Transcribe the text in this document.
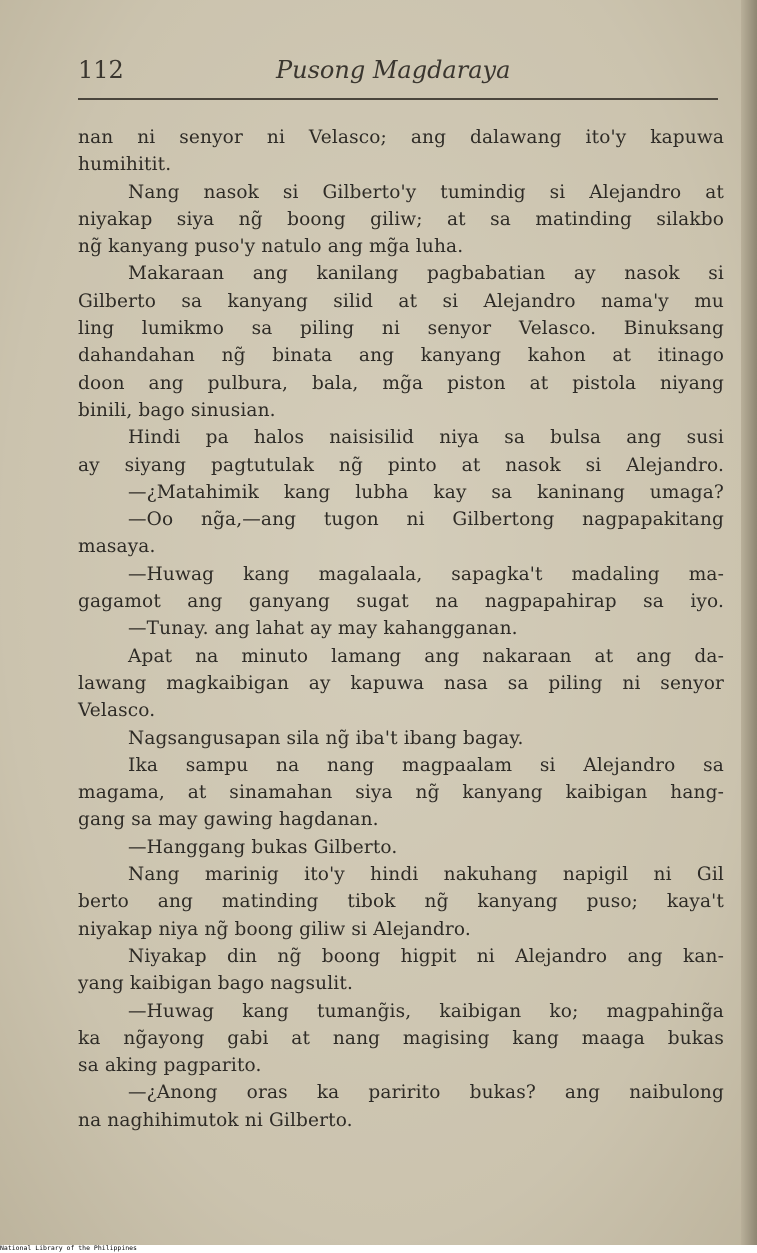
112	Pusong Magdaraya
nan ni senyor ni Velasco; ang dalawang ito'y kapuwa
humihitit.
Nang nasok si Gilberto'y tumindig si Alejandro at
niyakap siya ng̃ boong giliw; at sa matinding silakbo
ng̃ kanyang puso'y natulo ang mg̃a luha.
Makaraan ang kanilang pagbabatian ay nasok si
Gilberto sa kanyang silid at si Alejandro nama'y mu
ling lumikmo sa piling ni senyor Velasco. Binuksang
dahandahan ng̃ binata ang kanyang kahon at itinago
doon ang pulbura, bala, mg̃a piston at pistola niyang
binili, bago sinusian.
Hindi pa halos naisisilid niya sa bulsa ang susi
ay siyang pagtutulak ng̃ pinto at nasok si Alejandro.
—¿Matahimik kang lubha kay sa kaninang umaga?
—Oo ng̃a,—ang tugon ni Gilbertong nagpapakitang
masaya.
—Huwag kang magalaala, sapagka't madaling ma-
gagamot ang ganyang sugat na nagpapahirap sa iyo.
—Tunay. ang lahat ay may kahangganan.
Apat na minuto lamang ang nakaraan at ang da-
lawang magkaibigan ay kapuwa nasa sa piling ni senyor
Velasco.
Nagsangusapan sila ng̃ iba't ibang bagay.
Ika sampu na nang magpaalam si Alejandro sa
magama, at sinamahan siya ng̃ kanyang kaibigan hang-
gang sa may gawing hagdanan.
—Hanggang bukas Gilberto.
Nang marinig ito'y hindi nakuhang napigil ni Gil
berto ang matinding tibok ng̃ kanyang puso; kaya't
niyakap niya ng̃ boong giliw si Alejandro.
Niyakap din ng̃ boong higpit ni Alejandro ang kan-
yang kaibigan bago nagsulit.
—Huwag kang tumang̃is, kaibigan ko; magpahing̃a
ka ng̃ayong gabi at nang magising kang maaga bukas
sa aking pagparito.
—¿Anong oras ka paririto bukas? ang naibulong
na naghihimutok ni Gilberto.
National Library of the Philippines
